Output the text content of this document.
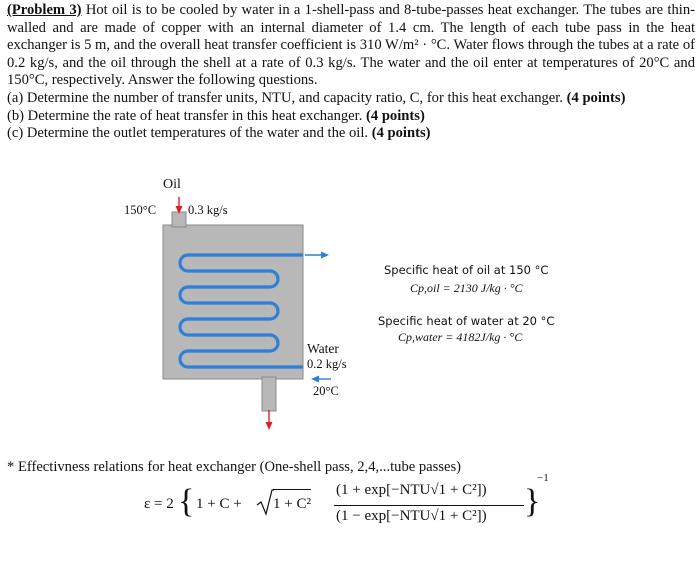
(Problem 3) Hot oil is to be cooled by water in a 1-shell-pass and 8-tube-passes heat exchanger. The tubes are thin-walled and are made of copper with an internal diameter of 1.4 cm. The length of each tube pass in the heat exchanger is 5 m, and the overall heat transfer coefficient is 310 W/m² · °C. Water flows through the tubes at a rate of 0.2 kg/s, and the oil through the shell at a rate of 0.3 kg/s. The water and the oil enter at temperatures of 20°C and 150°C, respectively. Answer the following questions.

(a) Determine the number of transfer units, NTU, and capacity ratio, C, for this heat exchanger. (4 points)

(b) Determine the rate of heat transfer in this heat exchanger. (4 points)

(c) Determine the outlet temperatures of the water and the oil. (4 points)

Oil
150°C	0.3 kg/s
Water
0.2 kg/s
20°C
Specific heat of oil at 150 °C
Cp,oil = 2130 J/kg · °C
Specific heat of water at 20 °C
Cp,water = 4182J/kg · °C
* Effectivness relations for heat exchanger (One-shell pass, 2,4,...tube passes)
ε = 2 { 1 + C + 1 + C²
(1 + exp[−NTU√1 + C²])
(1 − exp[−NTU√1 + C²]) }
−1
